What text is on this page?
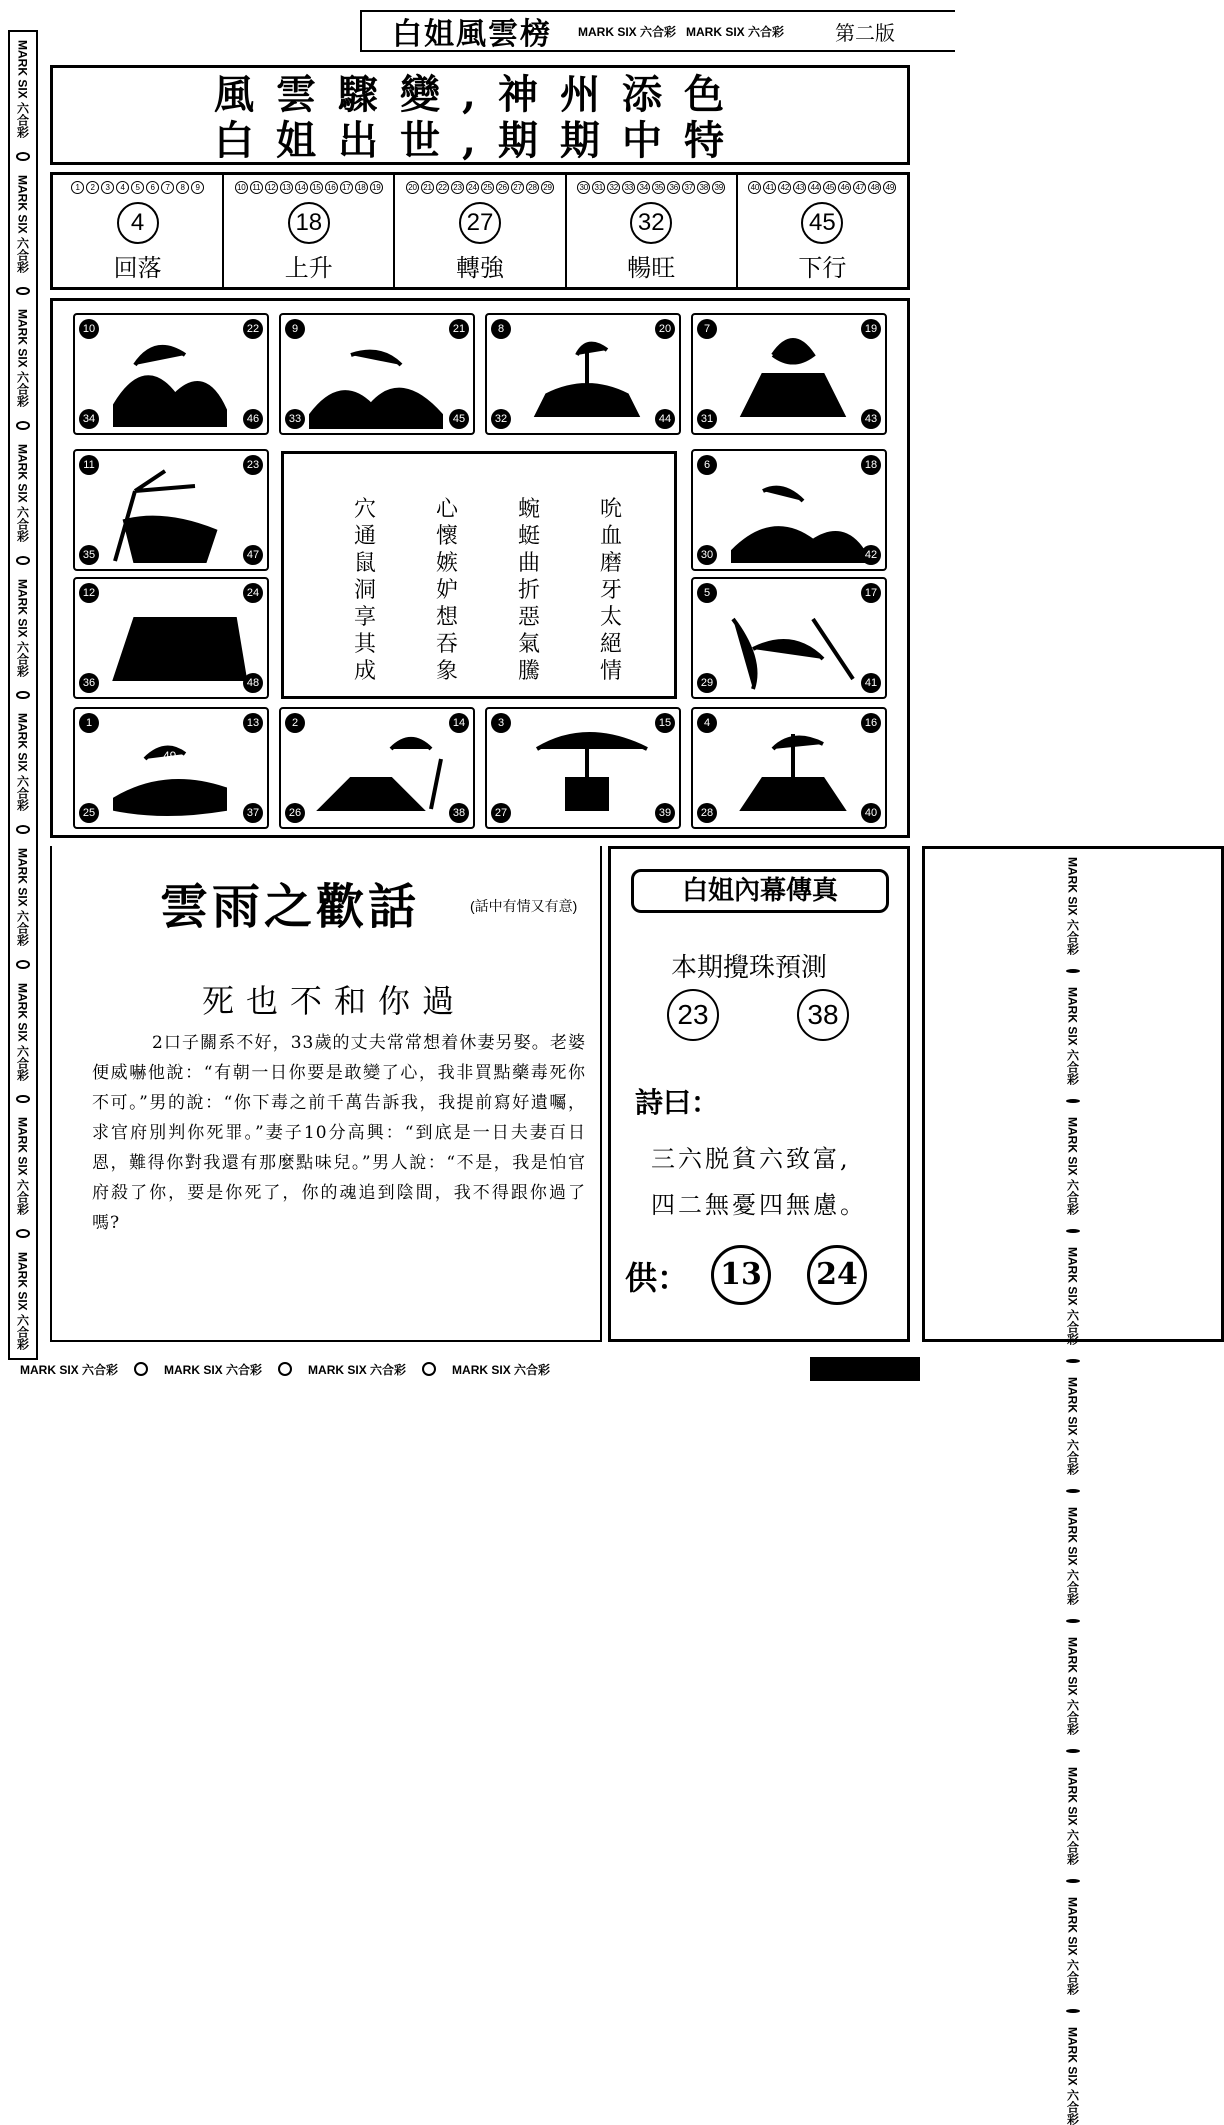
白姐風雲榜 MARK SIX 六合彩 MARK SIX 六合彩	第二版
MARK SIX 六合彩
MARK SIX 六合彩
MARK SIX 六合彩
MARK SIX 六合彩
MARK SIX 六合彩
MARK SIX 六合彩
MARK SIX 六合彩
MARK SIX 六合彩
MARK SIX 六合彩
MARK SIX 六合彩
MARK SIX 六合彩
MARK SIX 六合彩
MARK SIX 六合彩
MARK SIX 六合彩
MARK SIX 六合彩
MARK SIX 六合彩
MARK SIX 六合彩
MARK SIX 六合彩
MARK SIX 六合彩
MARK SIX 六合彩
MARK SIX 六合彩	MARK SIX 六合彩	MARK SIX 六合彩	MARK SIX 六合彩
風雲驟變,神州添色
白姐出世,期期中特
1 2 3 4 5 6 7 8 9
4
回落
10 11 12 13 14 15 16 17 18 19
18
上升
20 21 22 23 24 25 26 27 28 29
27
轉強
30 31 32 33 34 35 36 37 38 39
32
暢旺
40 41 42 43 44 45 46 47 48 49
45
下行
穴	心	蜿	吮
通	懷	蜓	血
鼠	嫉	曲	磨
洞	妒	折	牙
享	想	惡	太
其	吞	氣	絕
成	象	騰	情
10	22
34	46
9	21
33	45
8	20
32	44
7	19
31	43
11	23
35	47
6	18
30	42
12	24
36	48
5	17
29	41
1	13
25	37
49
2	14
26	38
3	15
27	39
4	16
28	40
雲雨之歡話	(話中有情又有意)
死也不和你過
2口子關系不好，33歲的丈夫常常想着休妻另娶。老婆便威嚇他說：“有朝一日你要是敢變了心，我非買點藥毒死你不可。”男的說：“你下毒之前千萬告訴我，我提前寫好遺囑，求官府別判你死罪。”妻子10分高興：“到底是一日夫妻百日恩，難得你對我還有那麼點味兒。”男人說：“不是，我是怕官府殺了你，要是你死了，你的魂追到陰間，我不得跟你過了嗎?
白姐內幕傳真
本期攪珠預測
23	38
詩曰：
三六脱貧六致富,
四二無憂四無慮。
供：	13	24
